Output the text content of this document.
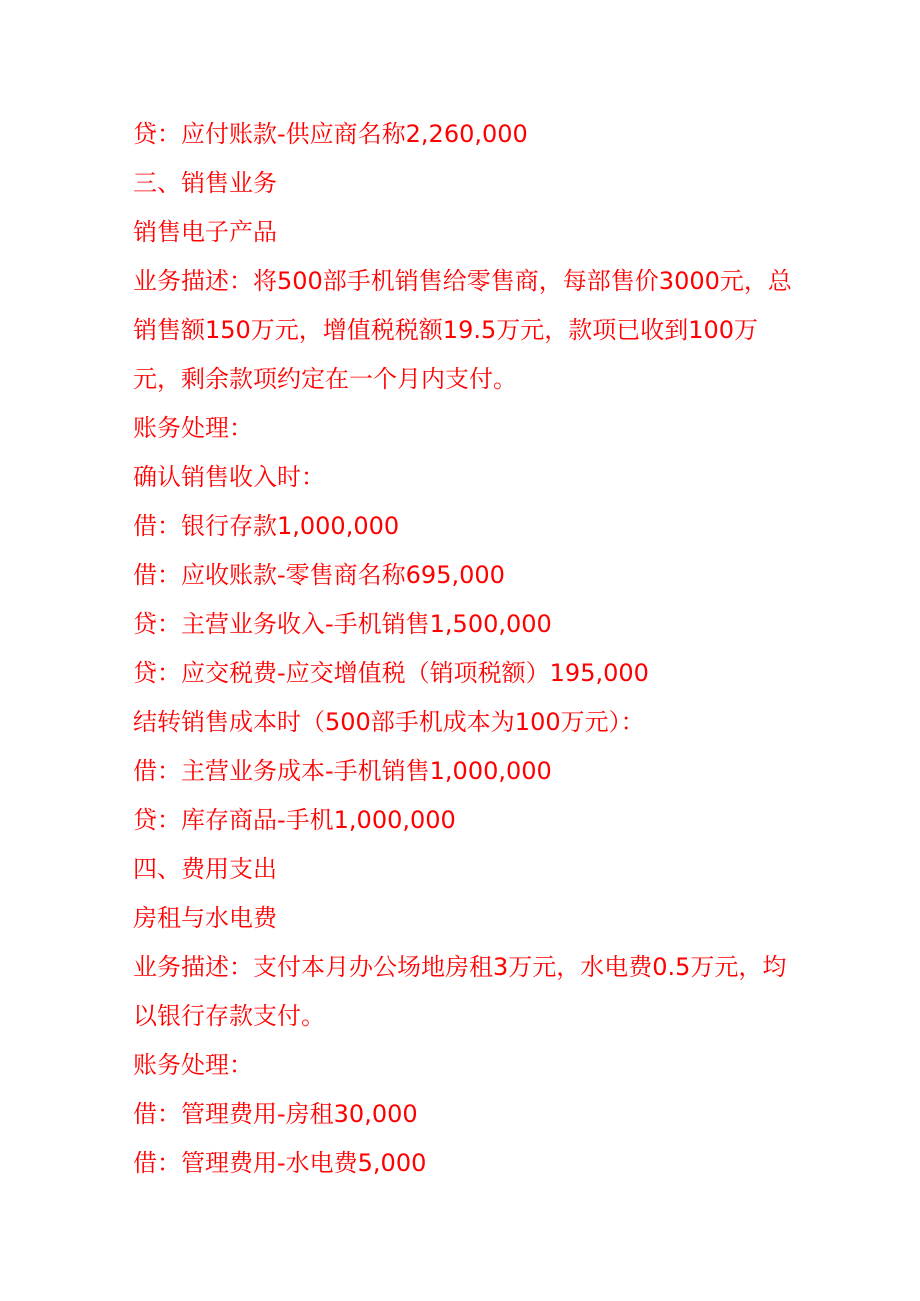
贷：应付账款-供应商名称2,260,000

三、销售业务

销售电子产品

业务描述：将500部手机销售给零售商，每部售价3000元，总销售额150万元，增值税税额19.5万元，款项已收到100万元，剩余款项约定在一个月内支付。

账务处理：

确认销售收入时：

借：银行存款1,000,000

借：应收账款-零售商名称695,000

贷：主营业务收入-手机销售1,500,000

贷：应交税费-应交增值税（销项税额）195,000

结转销售成本时（500部手机成本为100万元）：

借：主营业务成本-手机销售1,000,000

贷：库存商品-手机1,000,000

四、费用支出

房租与水电费

业务描述：支付本月办公场地房租3万元，水电费0.5万元，均以银行存款支付。

账务处理：

借：管理费用-房租30,000

借：管理费用-水电费5,000
